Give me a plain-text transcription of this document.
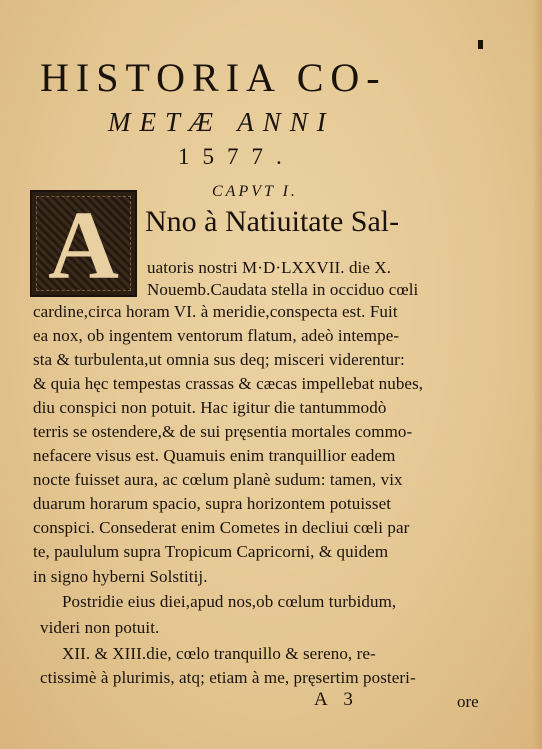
HISTORIA CO-
METÆ ANNI
1577.
CAPVT I.
A Nno à Natiuitate Sal-
uatoris nostri M·D·LXXVII. die X.
Nouemb.Caudata stella in occiduo cœli
cardine,circa horam VI. à meridie,conspecta est. Fuit
ea nox, ob ingentem ventorum flatum, adeò intempe-
sta & turbulenta,ut omnia sus deq; misceri viderentur:
& quia hęc tempestas crassas & cæcas impellebat nubes,
diu conspici non potuit. Hac igitur die tantummodò
terris se ostendere,& de sui pręsentia mortales commo-
nefacere visus est. Quamuis enim tranquillior eadem
nocte fuisset aura, ac cœlum planè sudum: tamen, vix
duarum horarum spacio, supra horizontem potuisset
conspici. Consederat enim Cometes in decliui cœli par
te, paululum supra Tropicum Capricorni, & quidem
in signo hyberni Solstitij.
Postridie eius diei,apud nos,ob cœlum turbidum,
videri non potuit.
XII. & XIII.die, cœlo tranquillo & sereno, re-
ctissimè à plurimis, atq; etiam à me, pręsertim posteri-
A 3	ore
